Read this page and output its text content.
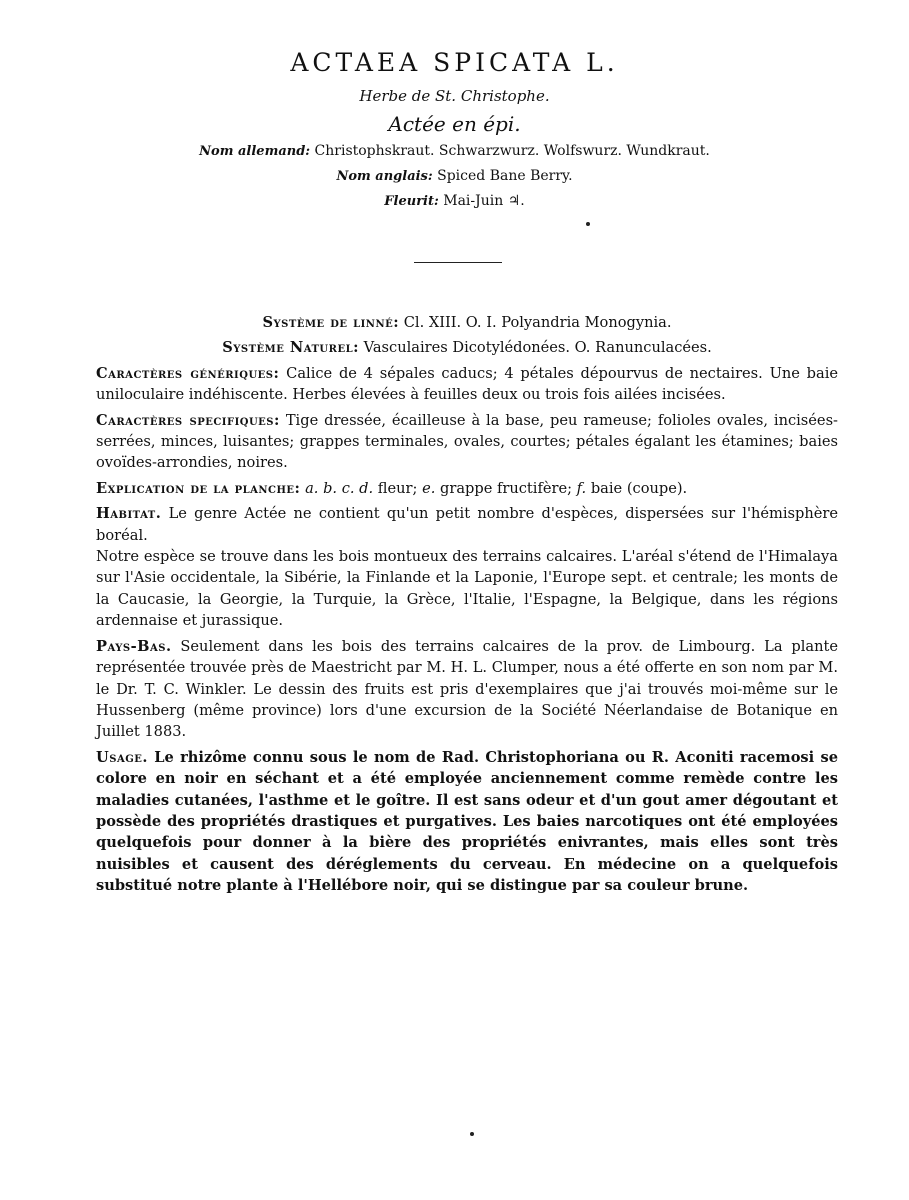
ACTAEA SPICATA L.
Herbe de St. Christophe.
Actée en épi.
Nom allemand: Christophskraut. Schwarzwurz. Wolfswurz. Wundkraut.
Nom anglais: Spiced Bane Berry.
Fleurit: Mai-Juin ♃.

Système de linné: Cl. XIII. O. I. Polyandria Monogynia.

Système Naturel: Vasculaires Dicotylédonées. O. Ranunculacées.

Caractères génériques: Calice de 4 sépales caducs; 4 pétales dépourvus de nectaires. Une baie uniloculaire indéhiscente. Herbes élevées à feuilles deux ou trois fois ailées incisées.

Caractères specifiques: Tige dressée, écailleuse à la base, peu rameuse; folioles ovales, incisées-serrées, minces, luisantes; grappes terminales, ovales, courtes; pétales égalant les étamines; baies ovoïdes-arrondies, noires.

Explication de la planche: a. b. c. d. fleur; e. grappe fructifère; f. baie (coupe).

Habitat. Le genre Actée ne contient qu'un petit nombre d'espèces, dispersées sur l'hémisphère boréal.

Notre espèce se trouve dans les bois montueux des terrains calcaires. L'aréal s'étend de l'Himalaya sur l'Asie occidentale, la Sibérie, la Finlande et la Laponie, l'Europe sept. et centrale; les monts de la Caucasie, la Georgie, la Turquie, la Grèce, l'Italie, l'Espagne, la Belgique, dans les régions ardennaise et jurassique.

Pays-Bas. Seulement dans les bois des terrains calcaires de la prov. de Limbourg. La plante représentée trouvée près de Maestricht par M. H. L. Clumper, nous a été offerte en son nom par M. le Dr. T. C. Winkler. Le dessin des fruits est pris d'exemplaires que j'ai trouvés moi-même sur le Hussenberg (même province) lors d'une excursion de la Société Néerlandaise de Botanique en Juillet 1883.

Usage. Le rhizôme connu sous le nom de Rad. Christophoriana ou R. Aconiti racemosi se colore en noir en séchant et a été employée anciennement comme remède contre les maladies cutanées, l'asthme et le goître. Il est sans odeur et d'un gout amer dégoutant et possède des propriétés drastiques et purgatives. Les baies narcotiques ont été employées quelquefois pour donner à la bière des propriétés enivrantes, mais elles sont très nuisibles et causent des déréglements du cerveau. En médecine on a quelquefois substitué notre plante à l'Hellébore noir, qui se distingue par sa couleur brune.
